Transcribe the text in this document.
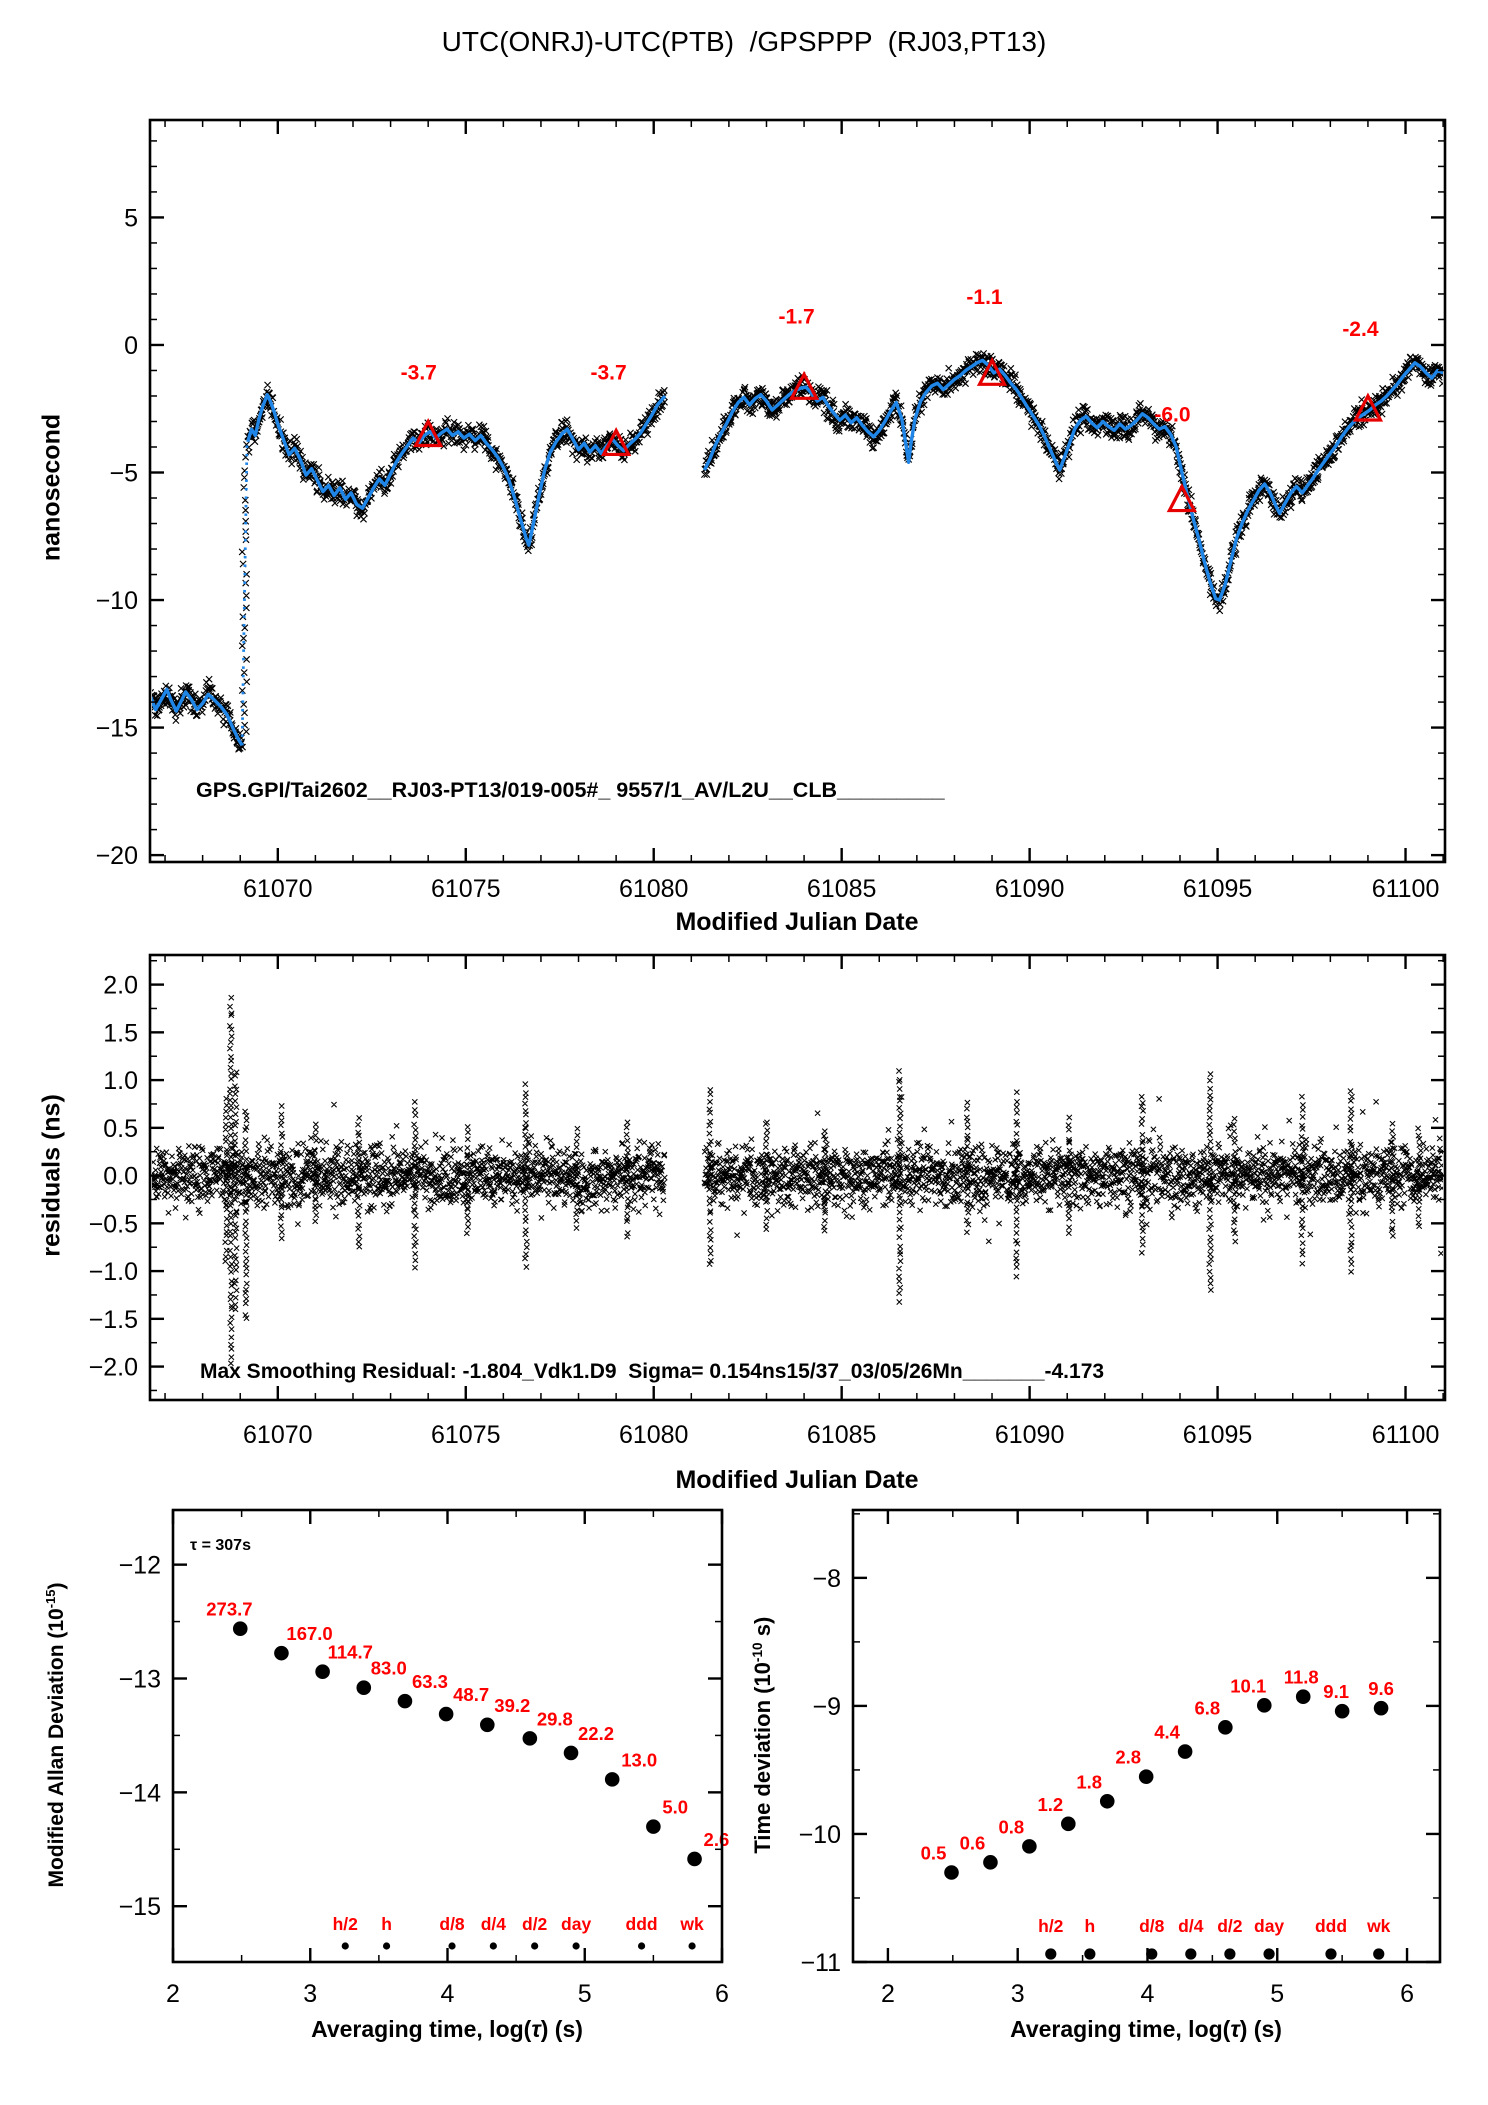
UTC(ONRJ)-UTC(PTB)  /GPSPPP  (RJ03,PT13)
-3.7	-3.7
-1.7
-1.1
-6.0
-2.4
61070	61075	61080	61085	61090	61095	61100
5
0
−5
−10
−15
−20
61070	61075	61080	61085	61090	61095	61100
2.0
1.5
1.0
0.5
0.0
−0.5
−1.0
−1.5
−2.0
273.7
167.0
114.7
83.0
63.3
48.7
39.2
29.8
22.2
13.0
5.0
2.6
h/2 h	d/8 d/4 d/2 day ddd wk
2	3	4	5	6
−12
−13
−14
−15
0.5 0.6
0.8
1.2
1.8
2.8
4.4
6.8
10.1 11.8
9.1 9.6
h/2 h	d/8 d/4 d/2 day ddd wk
2	3	4	5	6
−8
−9
−10
−11
nanosecond
GPS.GPI/Tai2602__RJ03-PT13/019-005#_ 9557/1_AV/L2U__CLB_________
Modified Julian Date
residuals (ns)
Max Smoothing Residual: -1.804_Vdk1.D9  Sigma= 0.154ns15/37_03/05/26Mn_______-4.173
Modified Julian Date
Modified Allan Deviation $(10^{-15})$
τ = 307s
Averaging time, log(τ) (s)
Time deviation ($10^{-10}$ s)
Averaging time, log(τ) (s)
